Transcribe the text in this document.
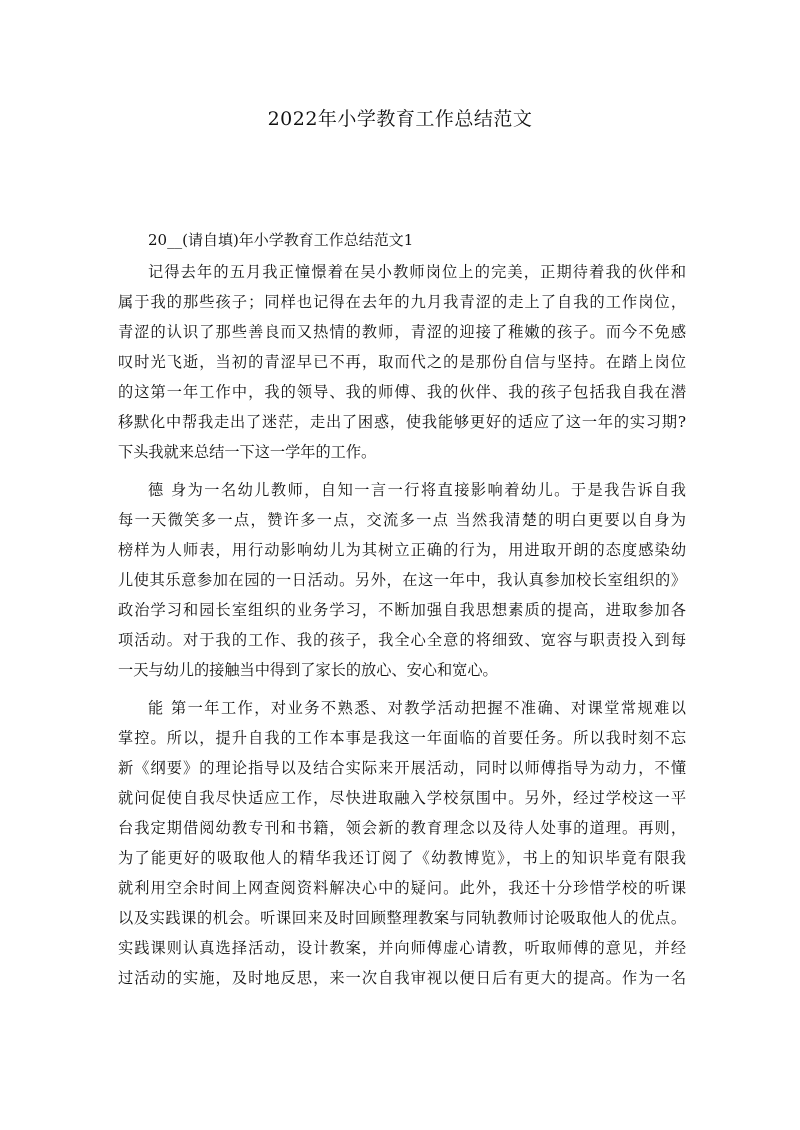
2022年小学教育工作总结范文
20__(请自填)年小学教育工作总结范文1

记得去年的五月我正憧憬着在吴小教师岗位上的完美，正期待着我的伙伴和
属于我的那些孩子；同样也记得在去年的九月我青涩的走上了自我的工作岗位，
青涩的认识了那些善良而又热情的教师，青涩的迎接了稚嫩的孩子。而今不免感
叹时光飞逝，当初的青涩早已不再，取而代之的是那份自信与坚持。在踏上岗位
的这第一年工作中，我的领导、我的师傅、我的伙伴、我的孩子包括我自我在潜
移默化中帮我走出了迷茫，走出了困惑，使我能够更好的适应了这一年的实习期?
下头我就来总结一下这一学年的工作。

德 身为一名幼儿教师，自知一言一行将直接影响着幼儿。于是我告诉自我
每一天微笑多一点，赞许多一点，交流多一点 当然我清楚的明白更要以自身为
榜样为人师表，用行动影响幼儿为其树立正确的行为，用进取开朗的态度感染幼
儿使其乐意参加在园的一日活动。另外，在这一年中，我认真参加校长室组织的》
政治学习和园长室组织的业务学习，不断加强自我思想素质的提高，进取参加各
项活动。对于我的工作、我的孩子，我全心全意的将细致、宽容与职责投入到每
一天与幼儿的接触当中得到了家长的放心、安心和宽心。

能 第一年工作，对业务不熟悉、对教学活动把握不准确、对课堂常规难以
掌控。所以，提升自我的工作本事是我这一年面临的首要任务。所以我时刻不忘
新《纲要》的理论指导以及结合实际来开展活动，同时以师傅指导为动力，不懂
就问促使自我尽快适应工作，尽快进取融入学校氛围中。另外，经过学校这一平
台我定期借阅幼教专刊和书籍，领会新的教育理念以及待人处事的道理。再则，
为了能更好的吸取他人的精华我还订阅了《幼教博览》，书上的知识毕竟有限我
就利用空余时间上网查阅资料解决心中的疑问。此外，我还十分珍惜学校的听课
以及实践课的机会。听课回来及时回顾整理教案与同轨教师讨论吸取他人的优点。
实践课则认真选择活动，设计教案，并向师傅虚心请教，听取师傅的意见，并经
过活动的实施，及时地反思，来一次自我审视以便日后有更大的提高。作为一名
